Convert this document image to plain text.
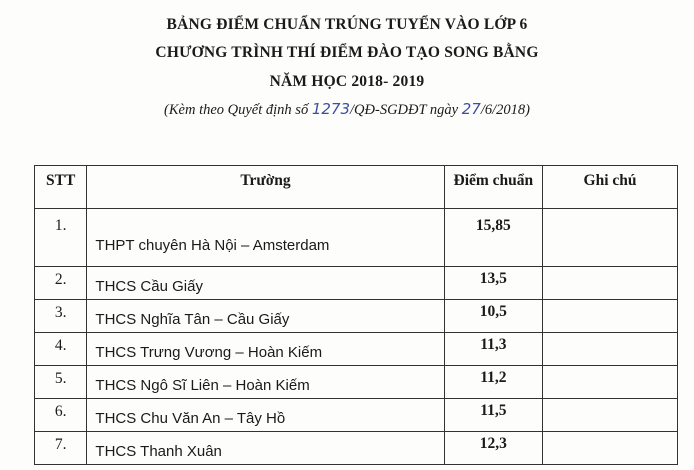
BẢNG ĐIỂM CHUẨN TRÚNG TUYỂN VÀO LỚP 6
CHƯƠNG TRÌNH THÍ ĐIỂM ĐÀO TẠO SONG BẰNG
NĂM HỌC 2018- 2019
(Kèm theo Quyết định số 1273/QĐ-SGDĐT ngày 27/6/2018)
STT	Trường	Điểm chuẩn	Ghi chú
1.	THPT chuyên Hà Nội – Amsterdam	15,85	
2.	THCS Cầu Giấy	13,5	
3.	THCS Nghĩa Tân – Cầu Giấy	10,5	
4.	THCS Trưng Vương – Hoàn Kiếm	11,3	
5.	THCS Ngô Sĩ Liên – Hoàn Kiếm	11,2	
6.	THCS Chu Văn An – Tây Hồ	11,5	
7.	THCS Thanh Xuân	12,3	
